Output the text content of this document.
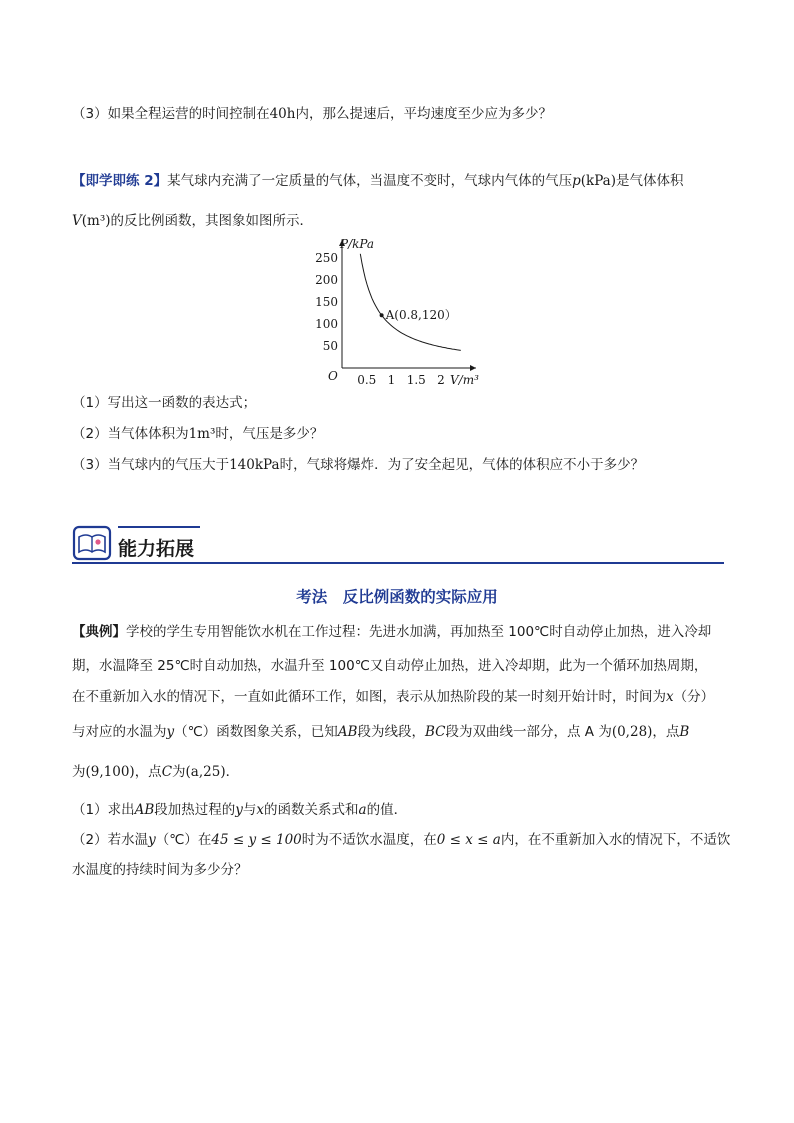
（3）如果全程运营的时间控制在40h内，那么提速后，平均速度至少应为多少？
【即学即练 2】某气球内充满了一定质量的气体，当温度不变时，气球内气体的气压p(kPa)是气体体积
V(m³)的反比例函数，其图象如图所示．
P/kPa
V/m³
O
50
100
150
200
250
0.5 1 1.5 2
A(0.8,120）
（1）写出这一函数的表达式；
（2）当气体体积为1m³时，气压是多少？
（3）当气球内的气压大于140kPa时，气球将爆炸．为了安全起见，气体的体积应不小于多少？
能力拓展
考法　反比例函数的实际应用
【典例】学校的学生专用智能饮水机在工作过程：先进水加满，再加热至 100℃时自动停止加热，进入冷却
期，水温降至 25℃时自动加热，水温升至 100℃又自动停止加热，进入冷却期，此为一个循环加热周期，
在不重新加入水的情况下，一直如此循环工作，如图，表示从加热阶段的某一时刻开始计时，时间为x（分）
与对应的水温为y（℃）函数图象关系，已知AB段为线段，BC段为双曲线一部分，点 A 为(0,28)，点B
为(9,100)，点C为(a,25)．
（1）求出AB段加热过程的y与x的函数关系式和a的值．
（2）若水温y（℃）在45 ≤ y ≤ 100时为不适饮水温度，在0 ≤ x ≤ a内，在不重新加入水的情况下，不适饮
水温度的持续时间为多少分？
